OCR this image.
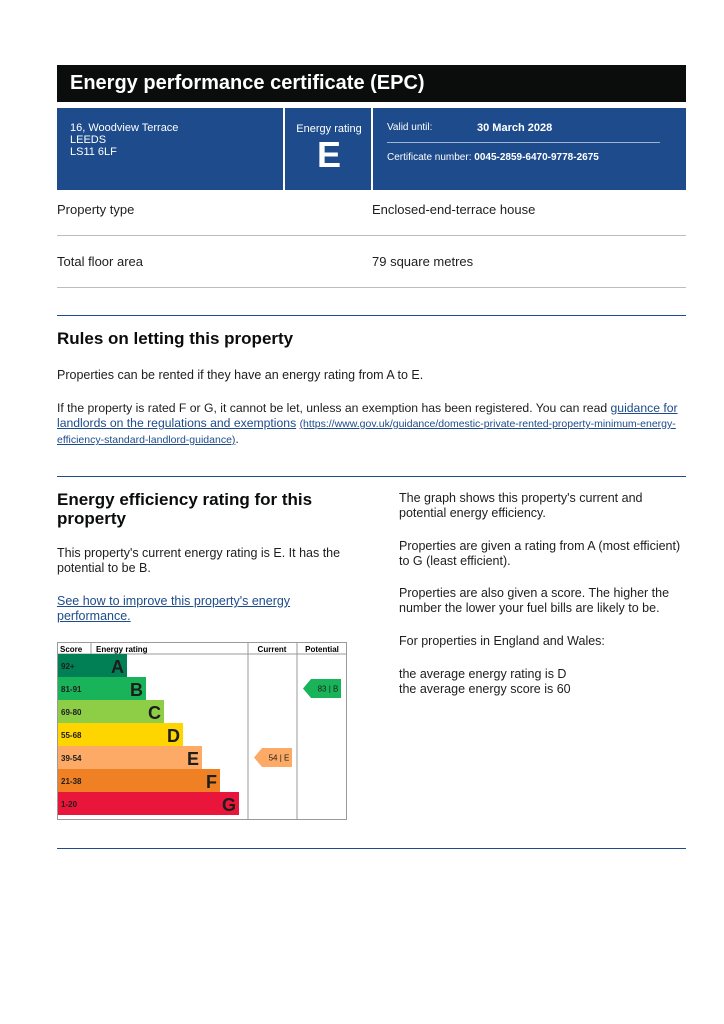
Energy performance certificate (EPC)
16, Woodview Terrace
LEEDS
LS11 6LF
Energy rating
E
Valid until:	30 March 2028
Certificate number: 0045-2859-6470-9778-2675
Property type	Enclosed-end-terrace house
Total floor area	79 square metres
Rules on letting this property
Properties can be rented if they have an energy rating from A to E.
If the property is rated F or G, it cannot be let, unless an exemption has been registered. You can read guidance for landlords on the regulations and exemptions (https://www.gov.uk/guidance/domestic-private-rented-property-minimum-energy-efficiency-standard-landlord-guidance).
Energy efficiency rating for this property
This property's current energy rating is E. It has the potential to be B.
See how to improve this property's energy performance.
The graph shows this property's current and potential energy efficiency.
Properties are given a rating from A (most efficient) to G (least efficient).
Properties are also given a score. The higher the number the lower your fuel bills are likely to be.
For properties in England and Wales:
the average energy rating is D
the average energy score is 60
Score Energy rating	Current Potential
92+ A
81-91	B
69-80	C
55-68	D
39-54	E
21-38	F
1-20	G
54 | E
83 | B
